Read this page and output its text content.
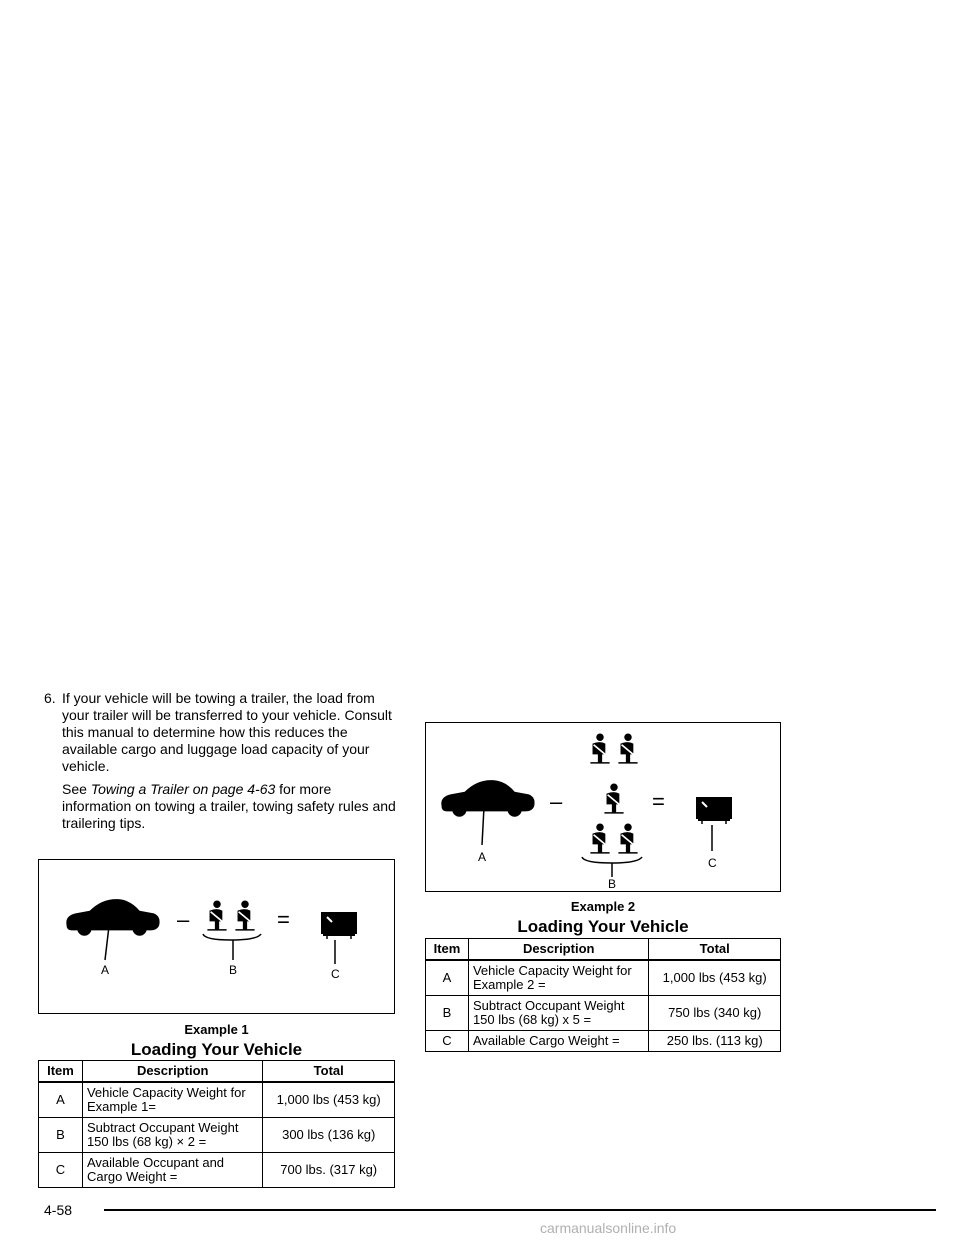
6. If your vehicle will be towing a trailer, the load from your trailer will be transferred to your vehicle. Consult this manual to determine how this reduces the available cargo and luggage load capacity of your vehicle.

See Towing a Trailer on page 4-63 for more information on towing a trailer, towing safety rules and trailering tips.

A
–
B
=
C
Example 1
Loading Your Vehicle
Item	Description	Total
A	Vehicle Capacity Weight for Example 1=	1,000 lbs (453 kg)
B	Subtract Occupant Weight 150 lbs (68 kg) × 2 =	300 lbs (136 kg)
C	Available Occupant and Cargo Weight =	700 lbs. (317 kg)
A
–	=
B
C
Example 2
Loading Your Vehicle
Item	Description	Total
A	Vehicle Capacity Weight for Example 2 =	1,000 lbs (453 kg)
B	Subtract Occupant Weight 150 lbs (68 kg) x 5 =	750 lbs (340 kg)
C	Available Cargo Weight =	250 lbs. (113 kg)
4-58
carmanualsonline.info
